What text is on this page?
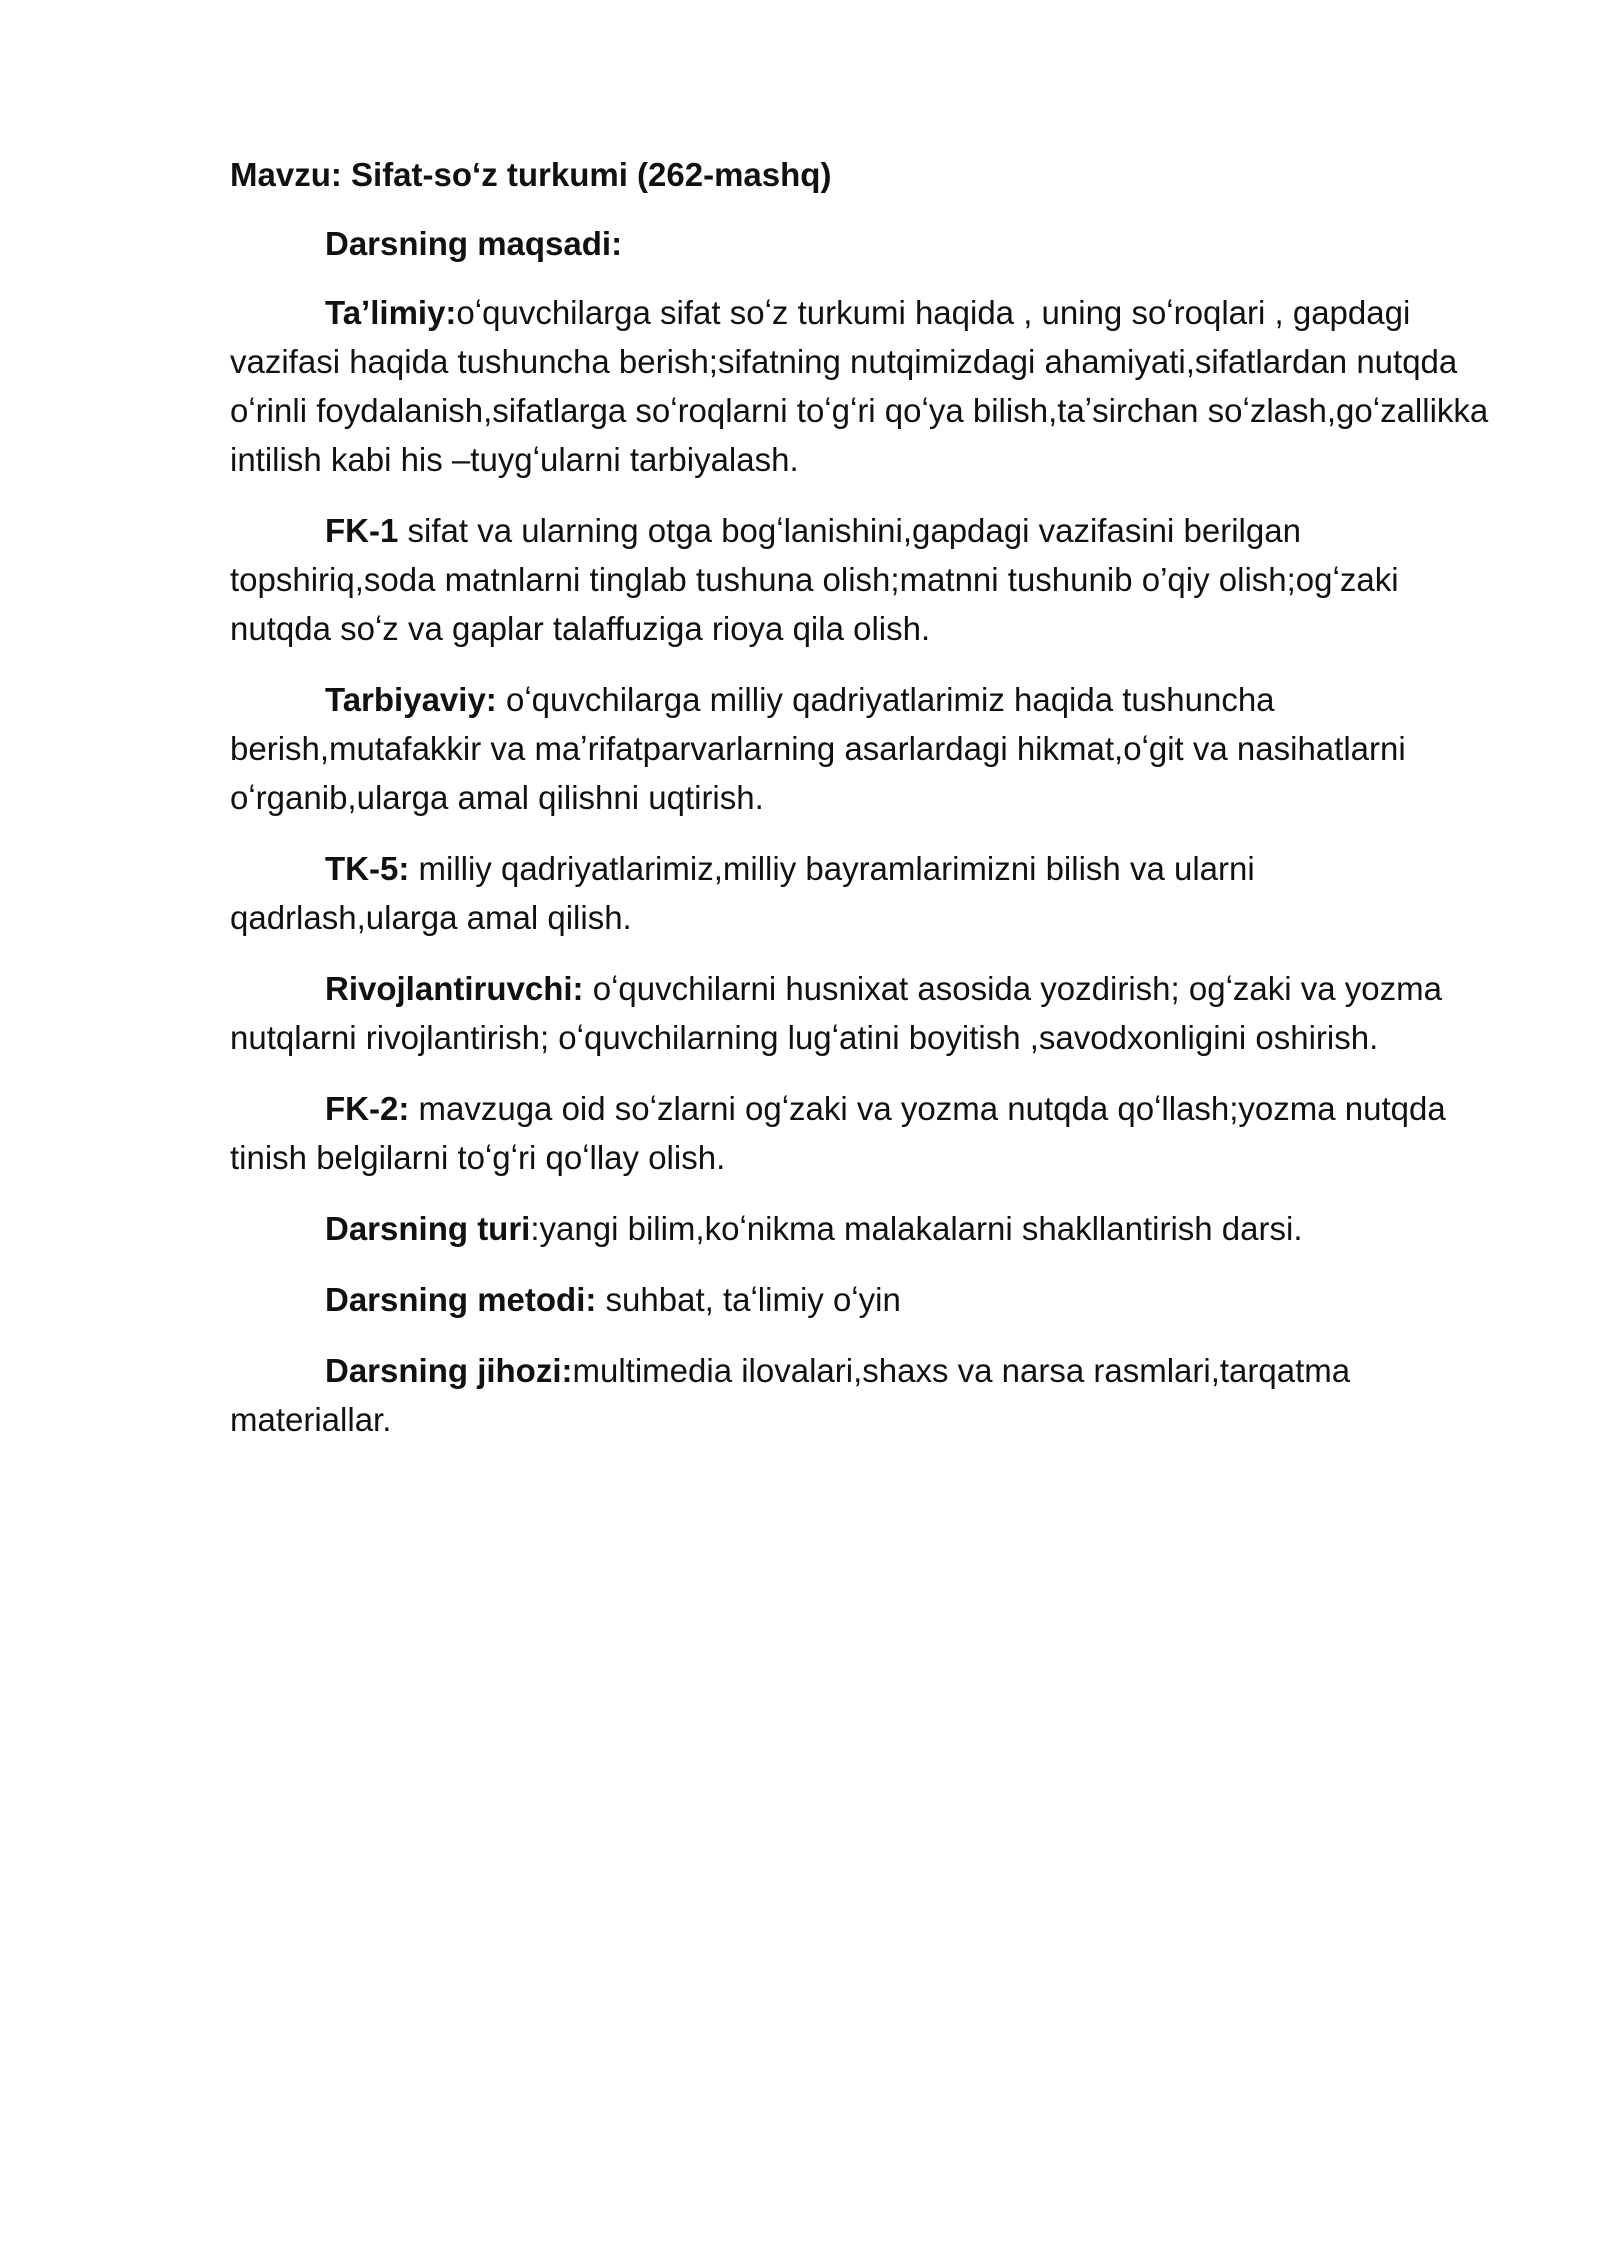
Mavzu: Sifat-soʻz turkumi (262-mashq)

Darsning maqsadi:

Taʼlimiy:oʻquvchilarga sifat soʻz turkumi haqida , uning soʻroqlari , gapdagi vazifasi haqida tushuncha berish;sifatning nutqimizdagi ahamiyati,sifatlardan nutqda oʻrinli foydalanish,sifatlarga soʻroqlarni toʻgʻri qoʻya bilish,taʼsirchan soʻzlash,goʻzallikka intilish kabi his –tuygʻularni tarbiyalash.

FK-1 sifat va ularning otga bogʻlanishini,gapdagi vazifasini berilgan topshiriq,soda matnlarni tinglab tushuna olish;matnni tushunib o’qiy olish;ogʻzaki nutqda soʻz va gaplar talaffuziga rioya qila olish.

Tarbiyaviy: oʻquvchilarga milliy qadriyatlarimiz haqida tushuncha berish,mutafakkir va maʼrifatparvarlarning asarlardagi hikmat,oʻgit va nasihatlarni oʻrganib,ularga amal qilishni uqtirish.

TK-5: milliy qadriyatlarimiz,milliy bayramlarimizni bilish va ularni qadrlash,ularga amal qilish.

Rivojlantiruvchi: oʻquvchilarni husnixat asosida yozdirish; ogʻzaki va yozma nutqlarni rivojlantirish; oʻquvchilarning lugʻatini boyitish ,savodxonligini oshirish.

FK-2: mavzuga oid soʻzlarni ogʻzaki va yozma nutqda qoʻllash;yozma nutqda tinish belgilarni toʻgʻri qoʻllay olish.

Darsning turi:yangi bilim,koʻnikma malakalarni shakllantirish darsi.

Darsning metodi: suhbat, taʻlimiy oʻyin

Darsning jihozi:multimedia ilovalari,shaxs va narsa rasmlari,tarqatma materiallar.
